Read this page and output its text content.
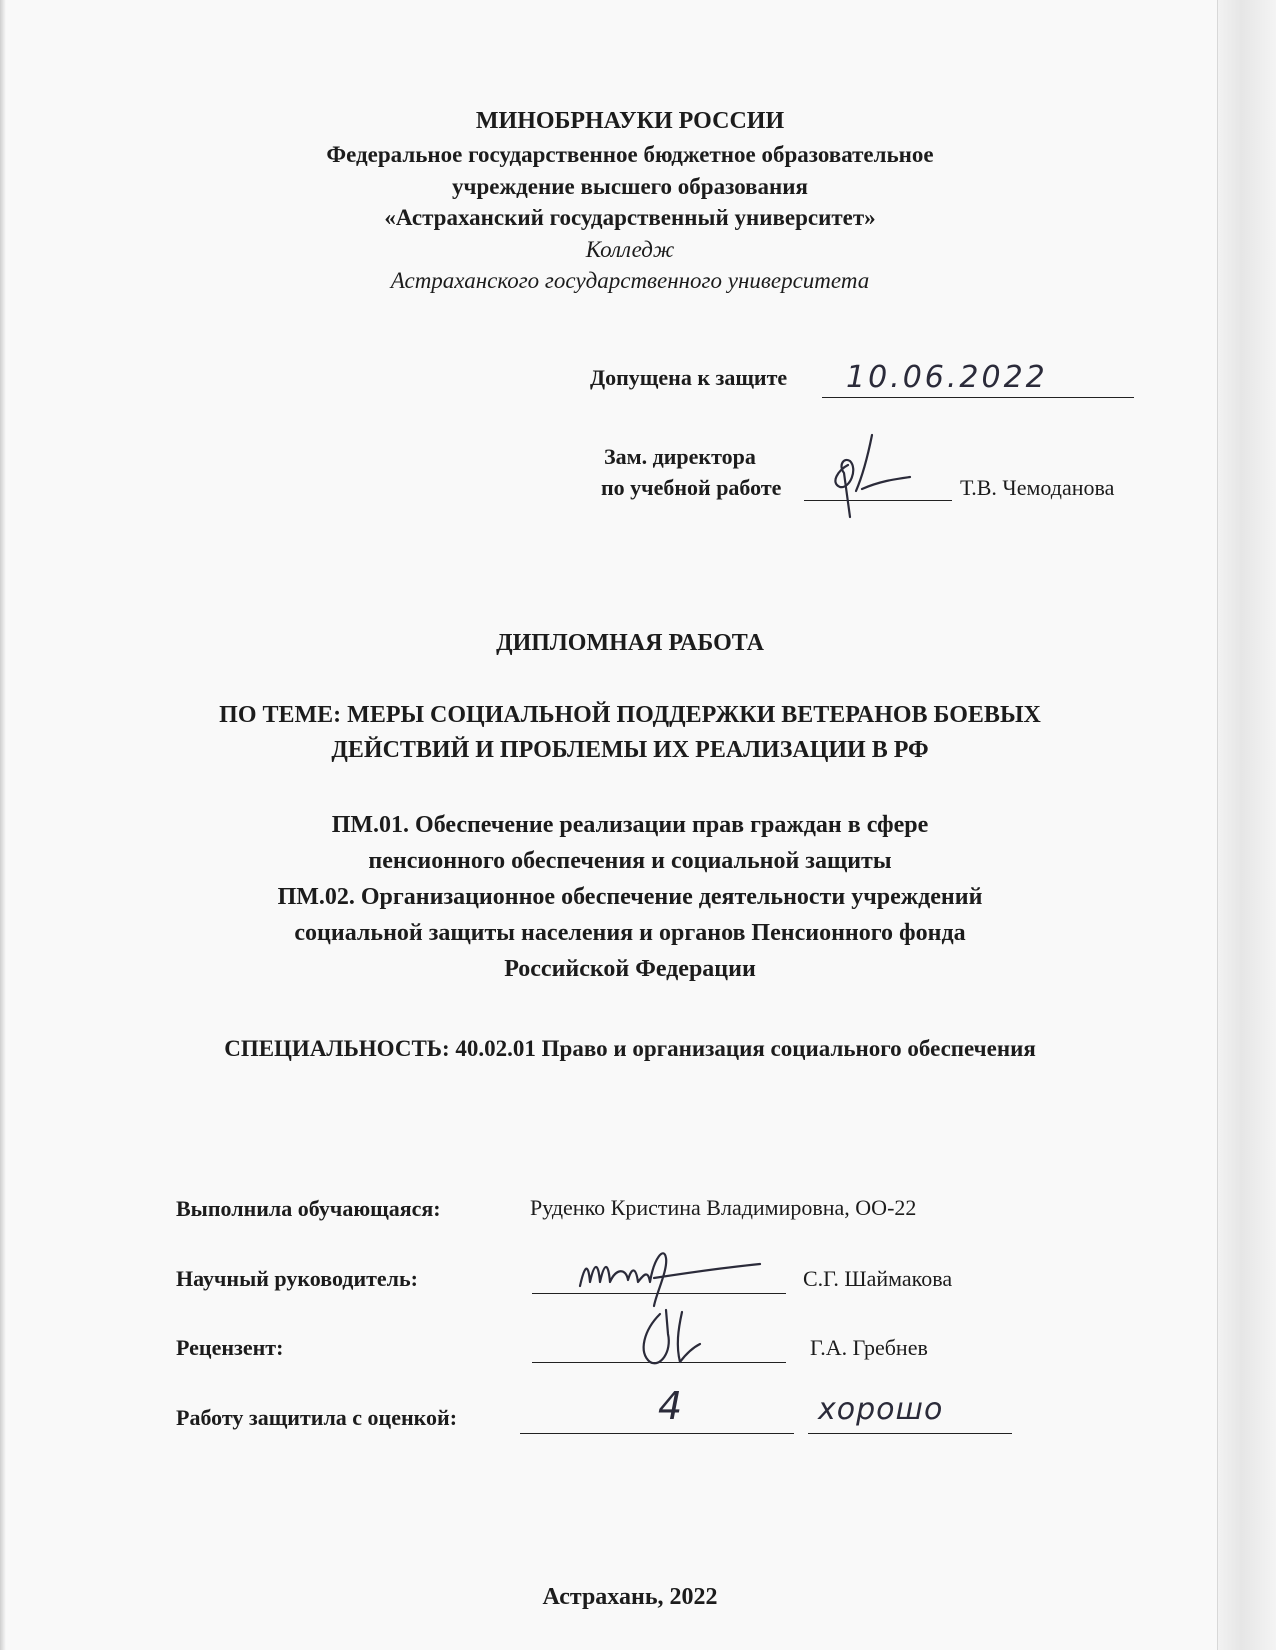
МИНОБРНАУКИ РОССИИ
Федеральное государственное бюджетное образовательное
учреждение высшего образования
«Астраханский государственный университет»
Колледж
Астраханского государственного университета
Допущена к защите 10.06.2022
Зам. директора
по учебной работе	Т.В. Чемоданова
ДИПЛОМНАЯ РАБОТА
ПО ТЕМЕ: МЕРЫ СОЦИАЛЬНОЙ ПОДДЕРЖКИ ВЕТЕРАНОВ БОЕВЫХ
ДЕЙСТВИЙ И ПРОБЛЕМЫ ИХ РЕАЛИЗАЦИИ В РФ
ПМ.01. Обеспечение реализации прав граждан в сфере
пенсионного обеспечения и социальной защиты
ПМ.02. Организационное обеспечение деятельности учреждений
социальной защиты населения и органов Пенсионного фонда
Российской Федерации
СПЕЦИАЛЬНОСТЬ: 40.02.01 Право и организация социального обеспечения
Выполнила обучающаяся:	Руденко Кристина Владимировна, ОО-22
Научный руководитель:	С.Г. Шаймакова
Рецензент:	Г.А. Гребнев
Работу защитила с оценкой:	4	хорошо
Астрахань, 2022
